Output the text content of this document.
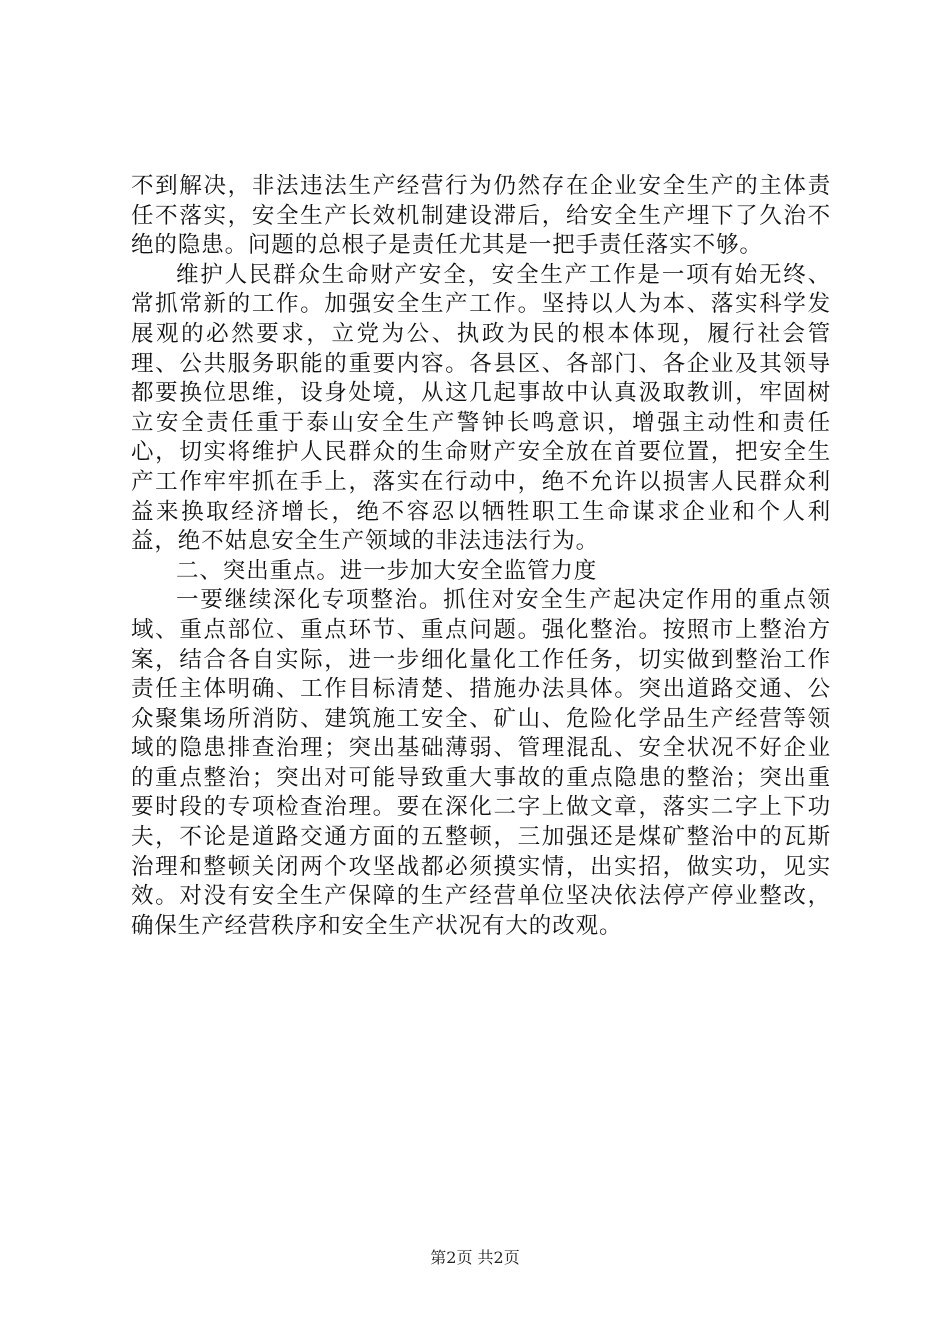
不到解决，非法违法生产经营行为仍然存在企业安全生产的主体责任不落实，安全生产长效机制建设滞后，给安全生产埋下了久治不绝的隐患。问题的总根子是责任尤其是一把手责任落实不够。

维护人民群众生命财产安全，安全生产工作是一项有始无终、常抓常新的工作。加强安全生产工作。坚持以人为本、落实科学发展观的必然要求，立党为公、执政为民的根本体现，履行社会管理、公共服务职能的重要内容。各县区、各部门、各企业及其领导都要换位思维，设身处境，从这几起事故中认真汲取教训，牢固树立安全责任重于泰山安全生产警钟长鸣意识，增强主动性和责任心，切实将维护人民群众的生命财产安全放在首要位置，把安全生产工作牢牢抓在手上，落实在行动中，绝不允许以损害人民群众利益来换取经济增长，绝不容忍以牺牲职工生命谋求企业和个人利益，绝不姑息安全生产领域的非法违法行为。

二、突出重点。进一步加大安全监管力度

一要继续深化专项整治。抓住对安全生产起决定作用的重点领域、重点部位、重点环节、重点问题。强化整治。按照市上整治方案，结合各自实际，进一步细化量化工作任务，切实做到整治工作责任主体明确、工作目标清楚、措施办法具体。突出道路交通、公众聚集场所消防、建筑施工安全、矿山、危险化学品生产经营等领域的隐患排查治理；突出基础薄弱、管理混乱、安全状况不好企业的重点整治；突出对可能导致重大事故的重点隐患的整治；突出重要时段的专项检查治理。要在深化二字上做文章，落实二字上下功夫，不论是道路交通方面的五整顿，三加强还是煤矿整治中的瓦斯治理和整顿关闭两个攻坚战都必须摸实情，出实招，做实功，见实效。对没有安全生产保障的生产经营单位坚决依法停产停业整改，确保生产经营秩序和安全生产状况有大的改观。

第2页 共2页
